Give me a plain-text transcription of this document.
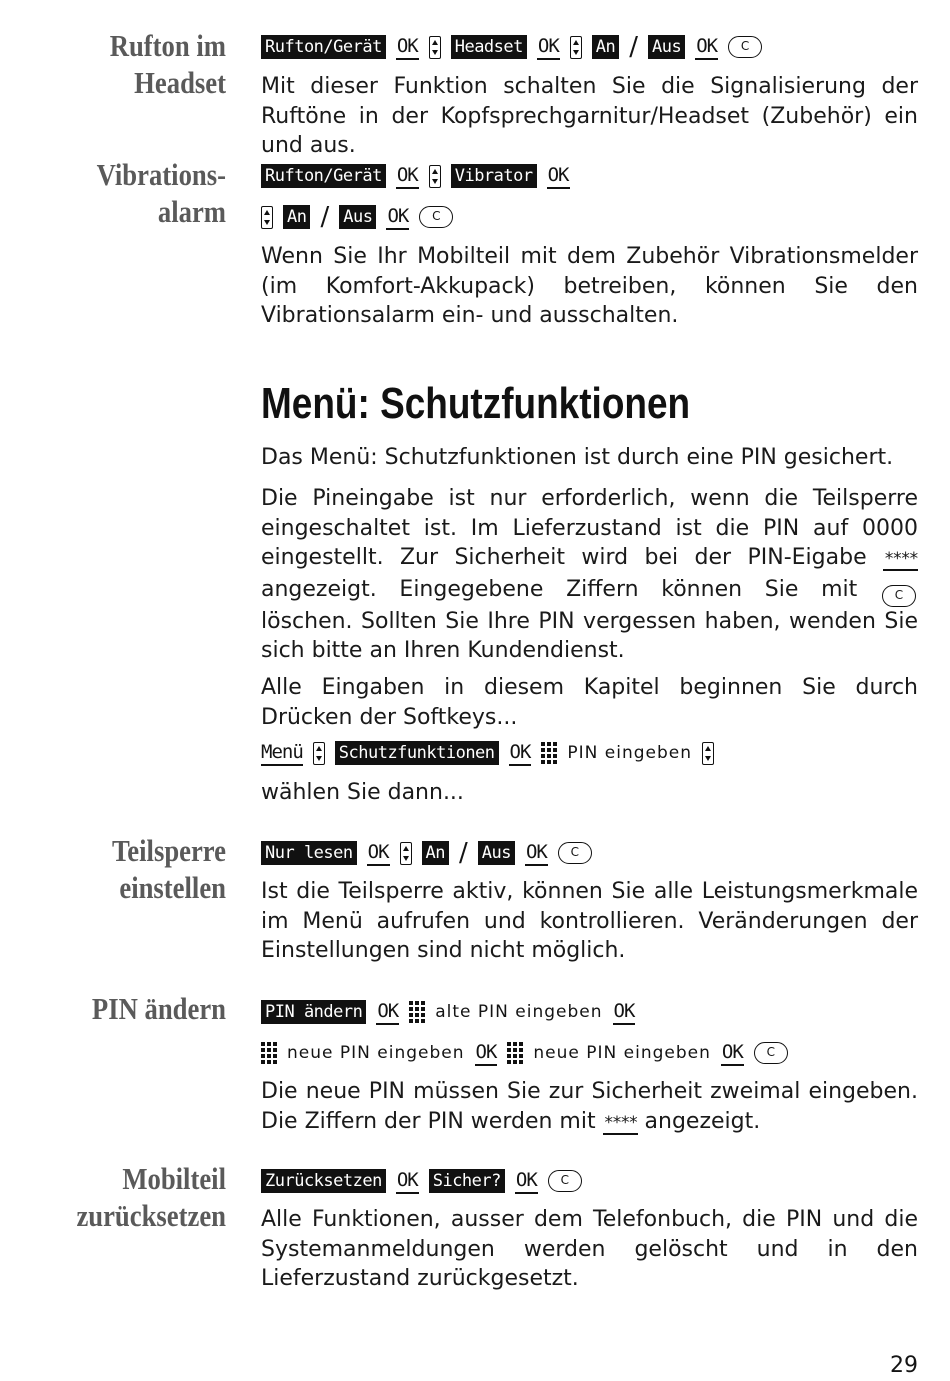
Rufton im
Headset
Rufton/Gerät OK Headset OK An / Aus OK	C

Mit dieser Funktion schalten Sie die Signalisierung der Ruftöne in der Kopfsprechgarnitur/Headset (Zubehör) ein und aus.

Vibrations-
alarm
Rufton/Gerät OK Vibrator OK
An / Aus OK	C

Wenn Sie Ihr Mobilteil mit dem Zubehör Vibrationsmelder (im Komfort-Akkupack) betreiben, können Sie den Vibrationsalarm ein- und ausschalten.

Menü: Schutzfunktionen

Das Menü: Schutzfunktionen ist durch eine PIN gesichert.

Die Pineingabe ist nur erforderlich, wenn die Teilsperre eingeschaltet ist. Im Lieferzustand ist die PIN auf 0000 eingestellt. Zur Sicherheit wird bei der PIN-Eigabe **** angezeigt. Eingegebene Ziffern können Sie mit	C löschen. Sollten Sie Ihre PIN vergessen haben, wenden Sie sich bitte an Ihren Kundendienst.

Alle Eingaben in diesem Kapitel beginnen Sie durch Drücken der Softkeys...

Menü Schutzfunktionen OK PIN eingeben

wählen Sie dann...

Teilsperre
einstellen
Nur lesen OK An / Aus OK	C

Ist die Teilsperre aktiv, können Sie alle Leistungsmerkmale im Menü aufrufen und kontrollieren. Veränderungen der Einstellungen sind nicht möglich.

PIN ändern PIN ändern OK alte PIN eingeben OK
neue PIN eingeben OK neue PIN eingeben OK	C

Die neue PIN müssen Sie zur Sicherheit zweimal eingeben. Die Ziffern der PIN werden mit **** angezeigt.

Mobilteil
zurücksetzen
Zurücksetzen OK Sicher? OK	C

Alle Funktionen, ausser dem Telefonbuch, die PIN und die Systemanmeldungen werden gelöscht und in den Lieferzustand zurückgesetzt.

29
